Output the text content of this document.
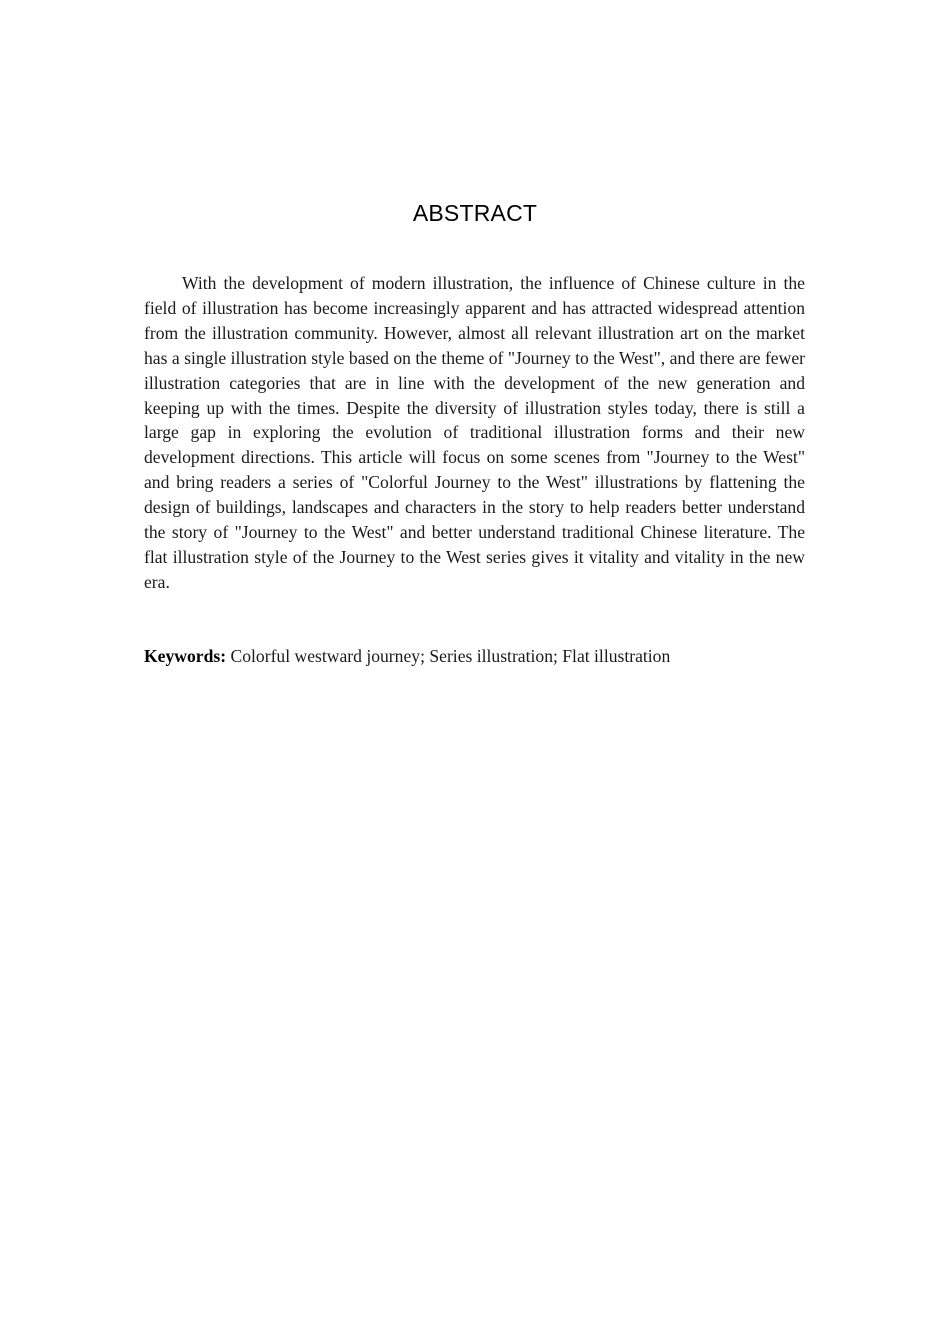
ABSTRACT

With the development of modern illustration, the influence of Chinese culture in the field of illustration has become increasingly apparent and has attracted widespread attention from the illustration community. However, almost all relevant illustration art on the market has a single illustration style based on the theme of "Journey to the West", and there are fewer illustration categories that are in line with the development of the new generation and keeping up with the times. Despite the diversity of illustration styles today, there is still a large gap in exploring the evolution of traditional illustration forms and their new development directions. This article will focus on some scenes from "Journey to the West" and bring readers a series of "Colorful Journey to the West" illustrations by flattening the design of buildings, landscapes and characters in the story to help readers better understand the story of "Journey to the West" and better understand traditional Chinese literature. The flat illustration style of the Journey to the West series gives it vitality and vitality in the new era.

Keywords: Colorful westward journey; Series illustration; Flat illustration
